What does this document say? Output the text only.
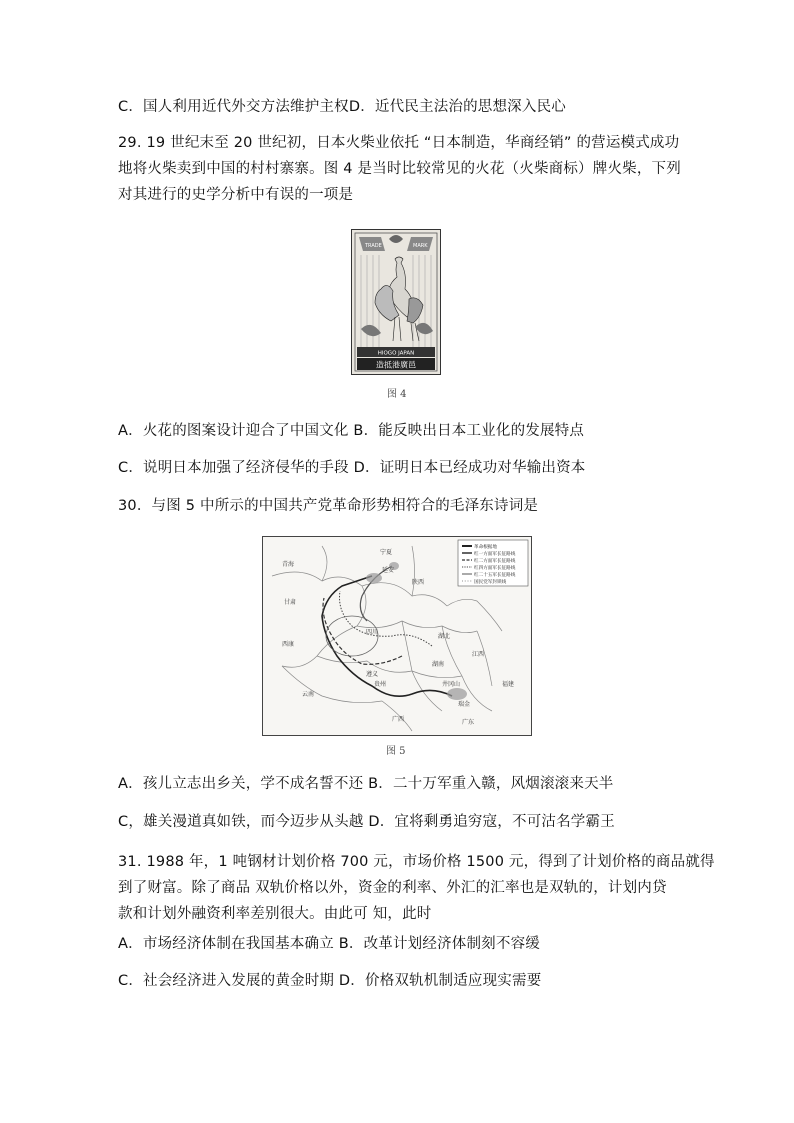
C．国人利用近代外交方法维护主权D．近代民主法治的思想深入民心
29. 19 世纪末至 20 世纪初，日本火柴业依托 “日本制造，华商经销” 的营运模式成功
地将火柴卖到中国的村村寨寨。图 4 是当时比较常见的火花（火柴商标）牌火柴，下列
对其进行的史学分析中有误的一项是
TRADE	MARK
HIOGO JAPAN
造抵港廣邑
图 4
A．火花的图案设计迎合了中国文化 B．能反映出日本工业化的发展特点
C．说明日本加强了经济侵华的手段 D．证明日本已经成功对华输出资本
30．与图 5 中所示的中国共产党革命形势相符合的毛泽东诗词是
革命根据地
红一方面军长征路线
红二方面军长征路线
红四方面军长征路线
红二十五军长征路线
国民党军封锁线
宁夏
甘肃
陕西
四川
湖北
湖南
江西
福建
广东
广西
贵州
云南
西康
青海
井冈山
遵义
瑞金
延安
图 5
A．孩儿立志出乡关，学不成名誓不还 B．二十万军重入赣，风烟滚滚来天半
C，雄关漫道真如铁，而今迈步从头越 D．宜将剩勇追穷寇，不可沽名学霸王
31. 1988 年，1 吨钢材计划价格 700 元，市场价格 1500 元，得到了计划价格的商品就得
到了财富。除了商品 双轨价格以外，资金的利率、外汇的汇率也是双轨的，计划内贷
款和计划外融资利率差别很大。由此可 知，此时
A．市场经济体制在我国基本确立 B．改革计划经济体制刻不容缓
C．社会经济进入发展的黄金时期 D．价格双轨机制适应现实需要
